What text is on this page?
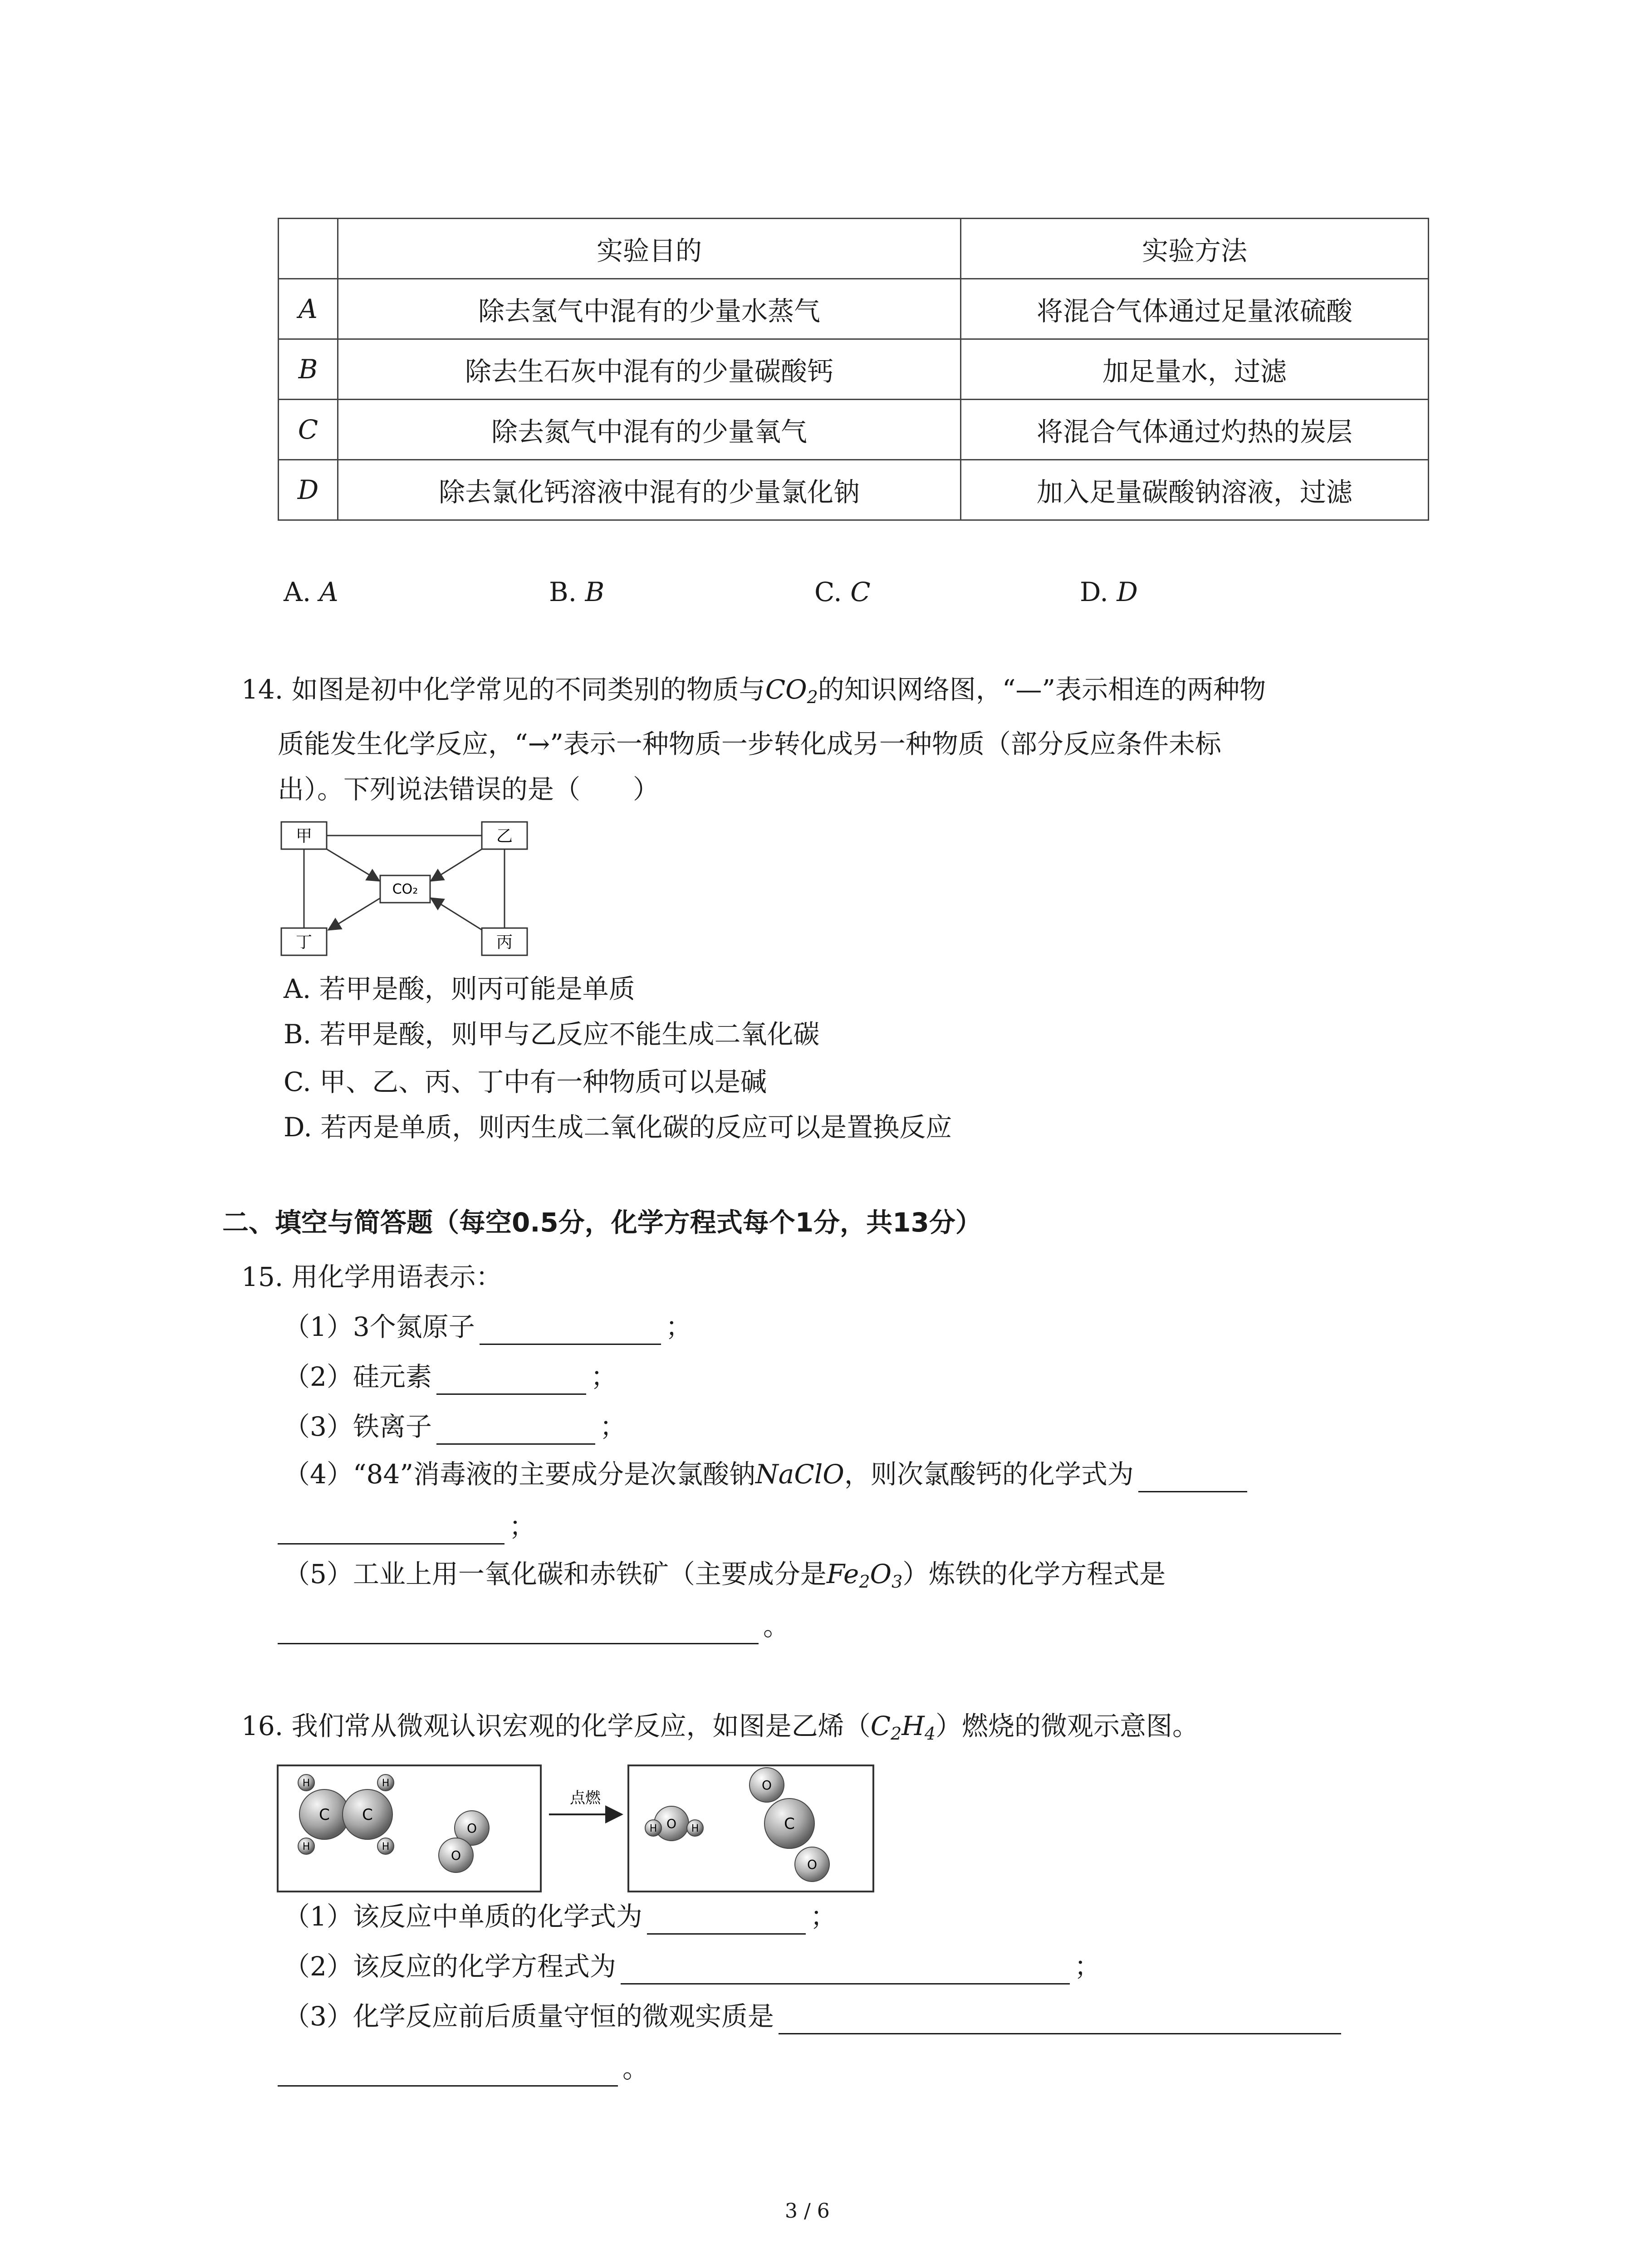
	实验目的	实验方法
A	除去氢气中混有的少量水蒸气	将混合气体通过足量浓硫酸
B	除去生石灰中混有的少量碳酸钙	加足量水，过滤
C	除去氮气中混有的少量氧气	将混合气体通过灼热的炭层
D	除去氯化钙溶液中混有的少量氯化钠	加入足量碳酸钠溶液，过滤
A. A	B. B	C. C	D. D
14. 如图是初中化学常见的不同类别的物质与$CO_2$的知识网络图，“—”表示相连的两种物
质能发生化学反应，“→”表示一种物质一步转化成另一种物质（部分反应条件未标
出）。下列说法错误的是（　　）
甲	乙
丁	丙
CO₂
A. 若甲是酸，则丙可能是单质
B. 若甲是酸，则甲与乙反应不能生成二氧化碳
C. 甲、乙、丙、丁中有一种物质可以是碱
D. 若丙是单质，则丙生成二氧化碳的反应可以是置换反应
二、填空与简答题（每空0.5分，化学方程式每个1分，共13分）
15. 用化学用语表示：
（1）3个氮原子	；
（2）硅元素	；
（3）铁离子	；
（4）“84”消毒液的主要成分是次氯酸钠NaClO，则次氯酸钙的化学式为
；
（5）工业上用一氧化碳和赤铁矿（主要成分是$Fe_2O_3$）炼铁的化学方程式是
。
16. 我们常从微观认识宏观的化学反应，如图是乙烯$(C_2H_4)$燃烧的微观示意图。
H
H
H
H
C C
O
O
点燃
O
H	H
O
O
C
（1）该反应中单质的化学式为	；
（2）该反应的化学方程式为	；
（3）化学反应前后质量守恒的微观实质是
。
3 / 6
